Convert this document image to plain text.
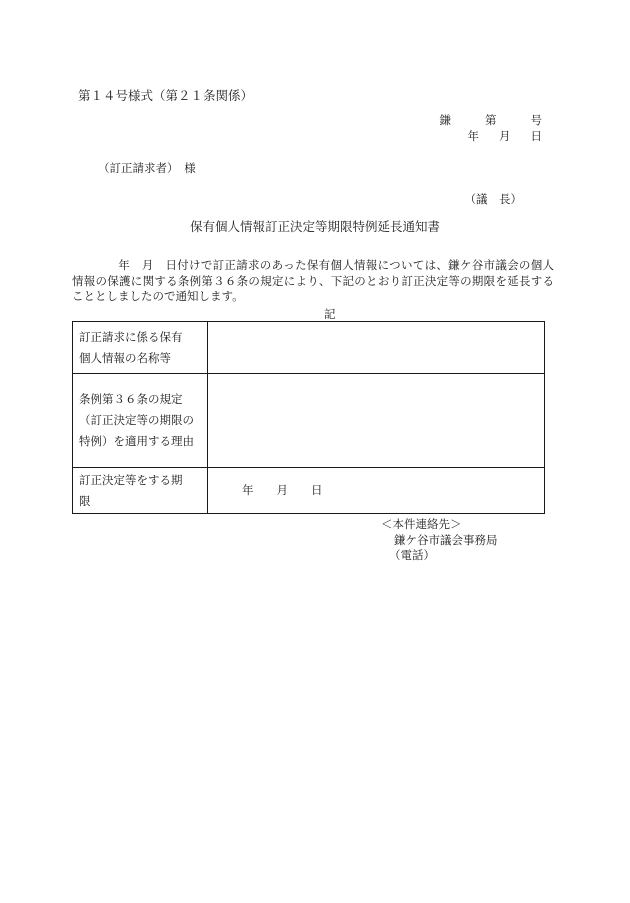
第１４号様式（第２１条関係）
鎌	第	号
年 月 日
（訂正請求者）　様
（議　長）
保有個人情報訂正決定等期限特例延長通知書
年　月　日付けで訂正請求のあった保有個人情報については、鎌ケ谷市議会の個人情報の保護に関する条例第３６条の規定により、下記のとおり訂正決定等の期限を延長することとしましたので通知します。
記
訂正請求に係る保有
個人情報の名称等	

条例第３６条の規定
（訂正決定等の期限の
特例）を適用する理由	

訂正決定等をする期
限	年　　月　　日
＜本件連絡先＞
鎌ケ谷市議会事務局
（電話）
